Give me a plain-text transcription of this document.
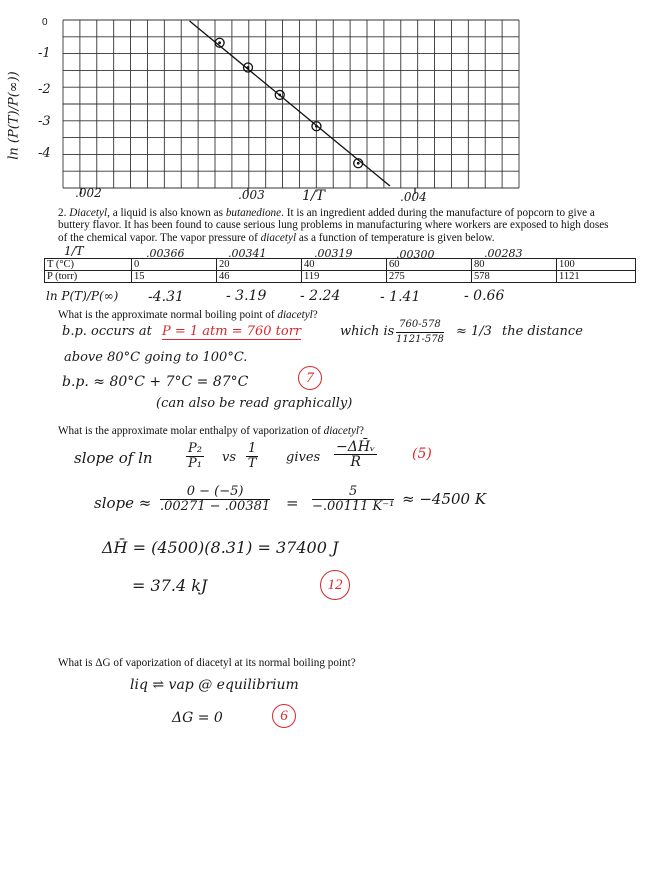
ln (P(T)/P(∞))
0
-1
-2
-3
-4
.002	.003	1/T	.004
2. Diacetyl, a liquid is also known as butanedione. It is an ingredient added during the manufacture of popcorn to give a
buttery flavor. It has been found to cause serious lung problems in manufacturing where workers are exposed to high doses
of the chemical vapor. The vapor pressure of diacetyl as a function of temperature is given below.
1/T	.00366	.00341	.00319	.00300	.00283
T (°C)	0	20	40	60	80	100
P (torr)	15	46	119	275	578	1121
ln P(T)/P(∞) -4.31	- 3.19 - 2.24	- 1.41	- 0.66
What is the approximate normal boiling point of diacetyl?
b.p. occurs at P = 1 atm = 760 torr	which is $\frac{760-578}{1121-578} \approx 1/3$ the distance
above 80°C going to 100°C.
b.p. ≈ 80°C + 7°C = 87°C	7
(can also be read graphically)
What is the approximate molar enthalpy of vaporization of diacetyl?
slope of ln	$\frac{\text{P₂}}{\text{P₁}}$ vs $\frac{1}{T}$ gives $\frac{\text{−ΔH̄ᵥ}}{R} (5)$
slope ≈ $\frac{0 - (-5)}{.00271 - .00381} = \frac{5}{\text{−.00111 K⁻¹}} \approx -4500$ K
ΔH̄ = (4500)(8.31) = 37400 J
= 37.4 kJ	12
What is ΔG of vaporization of diacetyl at its normal boiling point?
liq ⇌ vap @ equilibrium
ΔG = 0	6
